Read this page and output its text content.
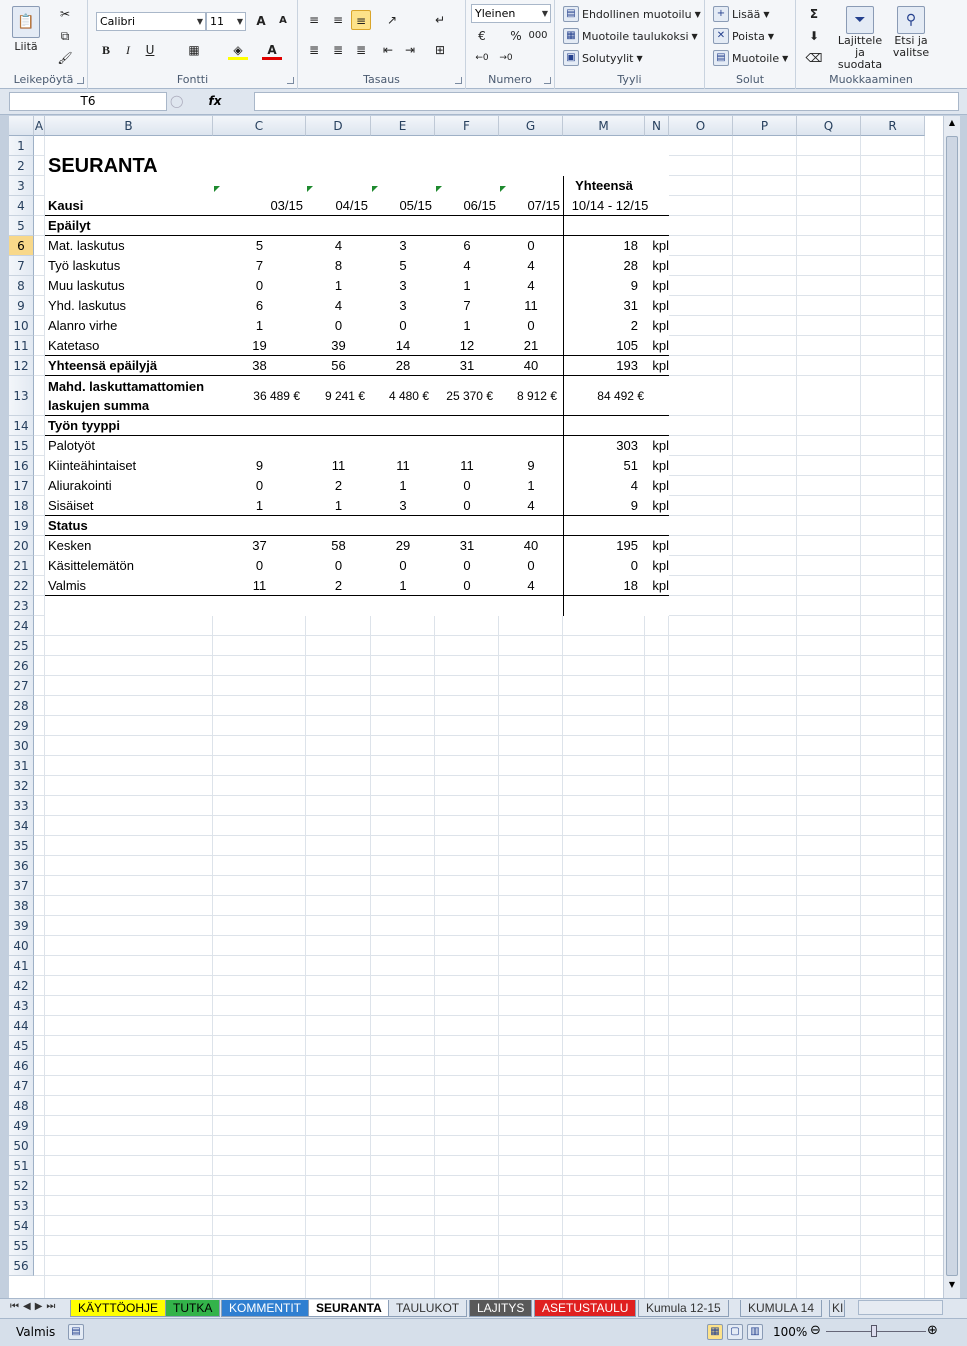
📋
Liitä
✂
⧉
🖌
Leikepöytä
Calibri	▼ 11 ▼	A	A
B	I	U	▦	◈	A
Fontti
≡	≡	≡	↗	↵
≣	≣	≣	⇤ ⇥	⊞
Tasaus
Yleinen	▼
€	% 000
←0	→0
Numero
▤ Ehdollinen muotoilu ▼
▦ Muotoile taulukoksi ▼
▣ Solutyylit ▼
Tyyli
+ Lisää ▼
✕ Poista ▼
▤ Muotoile ▼
Solut
Σ
⬇
⌫
⏷
Lajittele ja suodata
⚲
Etsi ja valitse
Muokkaaminen
T6	◯ fx
A	B	C	D	E	F	G	M	N	O	P	Q	R
1
2
3
4
5
6
7
8
9
10
11
12
13
14
15
16
17
18
19
20
21
22
23
24
25
26
27
28
29
30
31
32
33
34
35
36
37
38
39
40
41
42
43
44
45
46
47
48
49
50
51
52
53
54
55
56
SEURANTA
Yhteensä
10/14 - 12/15
Kausi	03/15	04/15	05/15	06/15	07/15
Epäilyt
Mat. laskutus	5	4	3	6	0	18	kpl
Työ laskutus	7	8	5	4	4	28	kpl
Muu laskutus	0	1	3	1	4	9	kpl
Yhd. laskutus	6	4	3	7	11	31	kpl
Alanro virhe	1	0	0	1	0	2	kpl
Katetaso	19	39	14	12	21	105	kpl
Yhteensä epäilyjä	38	56	28	31	40	193	kpl
Mahd. laskuttamattomien
laskujen summa
36 489 €	9 241 €	4 480 €	25 370 €	8 912 €	84 492 €
Työn tyyppi
Palotyöt	303	kpl
Kiinteähintaiset	9	11	11	11	9	51	kpl
Aliurakointi	0	2	1	0	1	4	kpl
Sisäiset	1	1	3	0	4	9	kpl
Status
Kesken	37	58	29	31	40	195	kpl
Käsittelemätön	0	0	0	0	0	0	kpl
Valmis	11	2	1	0	4	18	kpl
▲
▼
⏮◀▶⏭	KÄYTTÖOHJE	TUTKA	KOMMENTIT	SEURANTA	TAULUKOT	LAJITYS	ASETUSTAULU	Kumula 12-15	KUMULA 14	KI
Valmis	▤	▦	▢	▥ 100% ⊖	⊕
